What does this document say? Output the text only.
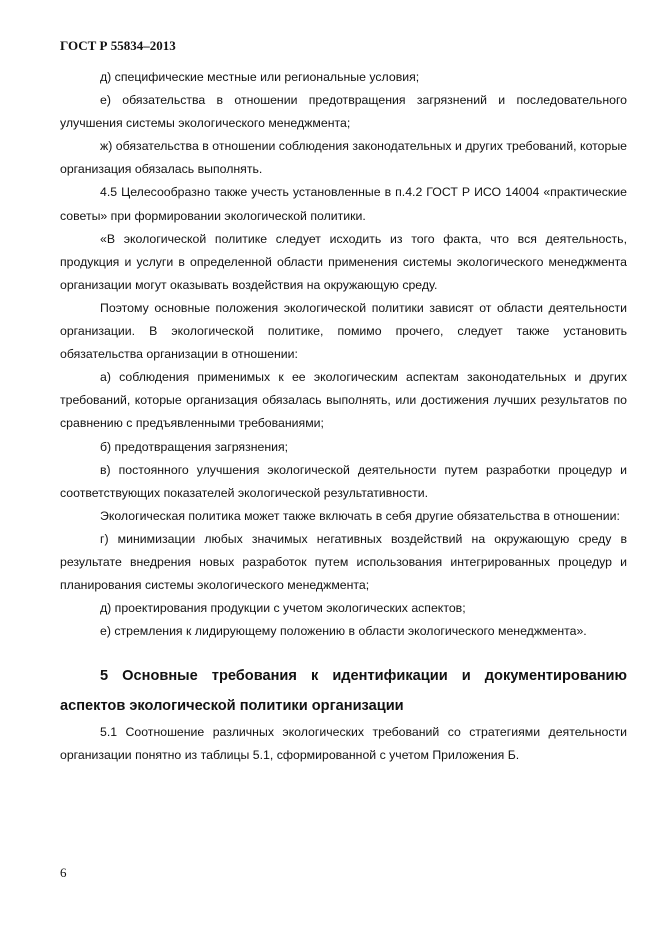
ГОСТ Р 55834–2013

д) специфические местные или региональные условия;

е) обязательства в отношении предотвращения загрязнений и последовательного улучшения системы экологического менеджмента;

ж) обязательства в отношении соблюдения законодательных и других требований, которые организация обязалась выполнять.

4.5 Целесообразно также учесть установленные в п.4.2 ГОСТ Р ИСО 14004 «практические советы» при формировании экологической политики.

«В экологической политике следует исходить из того факта, что вся деятельность, продукция и услуги в определенной области применения системы экологического менеджмента организации могут оказывать воздействия на окружающую среду.

Поэтому основные положения экологической политики зависят от области деятельности организации. В экологической политике, помимо прочего, следует также установить обязательства организации в отношении:

а) соблюдения применимых к ее экологическим аспектам законодательных и других требований, которые организация обязалась выполнять, или достижения лучших результатов по сравнению с предъявленными требованиями;

б) предотвращения загрязнения;

в) постоянного улучшения экологической деятельности путем разработки процедур и соответствующих показателей экологической результативности.

Экологическая политика может также включать в себя другие обязательства в отношении:

г) минимизации любых значимых негативных воздействий на окружающую среду в результате внедрения новых разработок путем использования интегрированных процедур и планирования системы экологического менеджмента;

д) проектирования продукции с учетом экологических аспектов;

е) стремления к лидирующему положению в области экологического менеджмента».

5 Основные требования к идентификации и документированию аспектов экологической политики организации

5.1 Соотношение различных экологических требований со стратегиями деятельности организации понятно из таблицы 5.1, сформированной с учетом Приложения Б.

6
